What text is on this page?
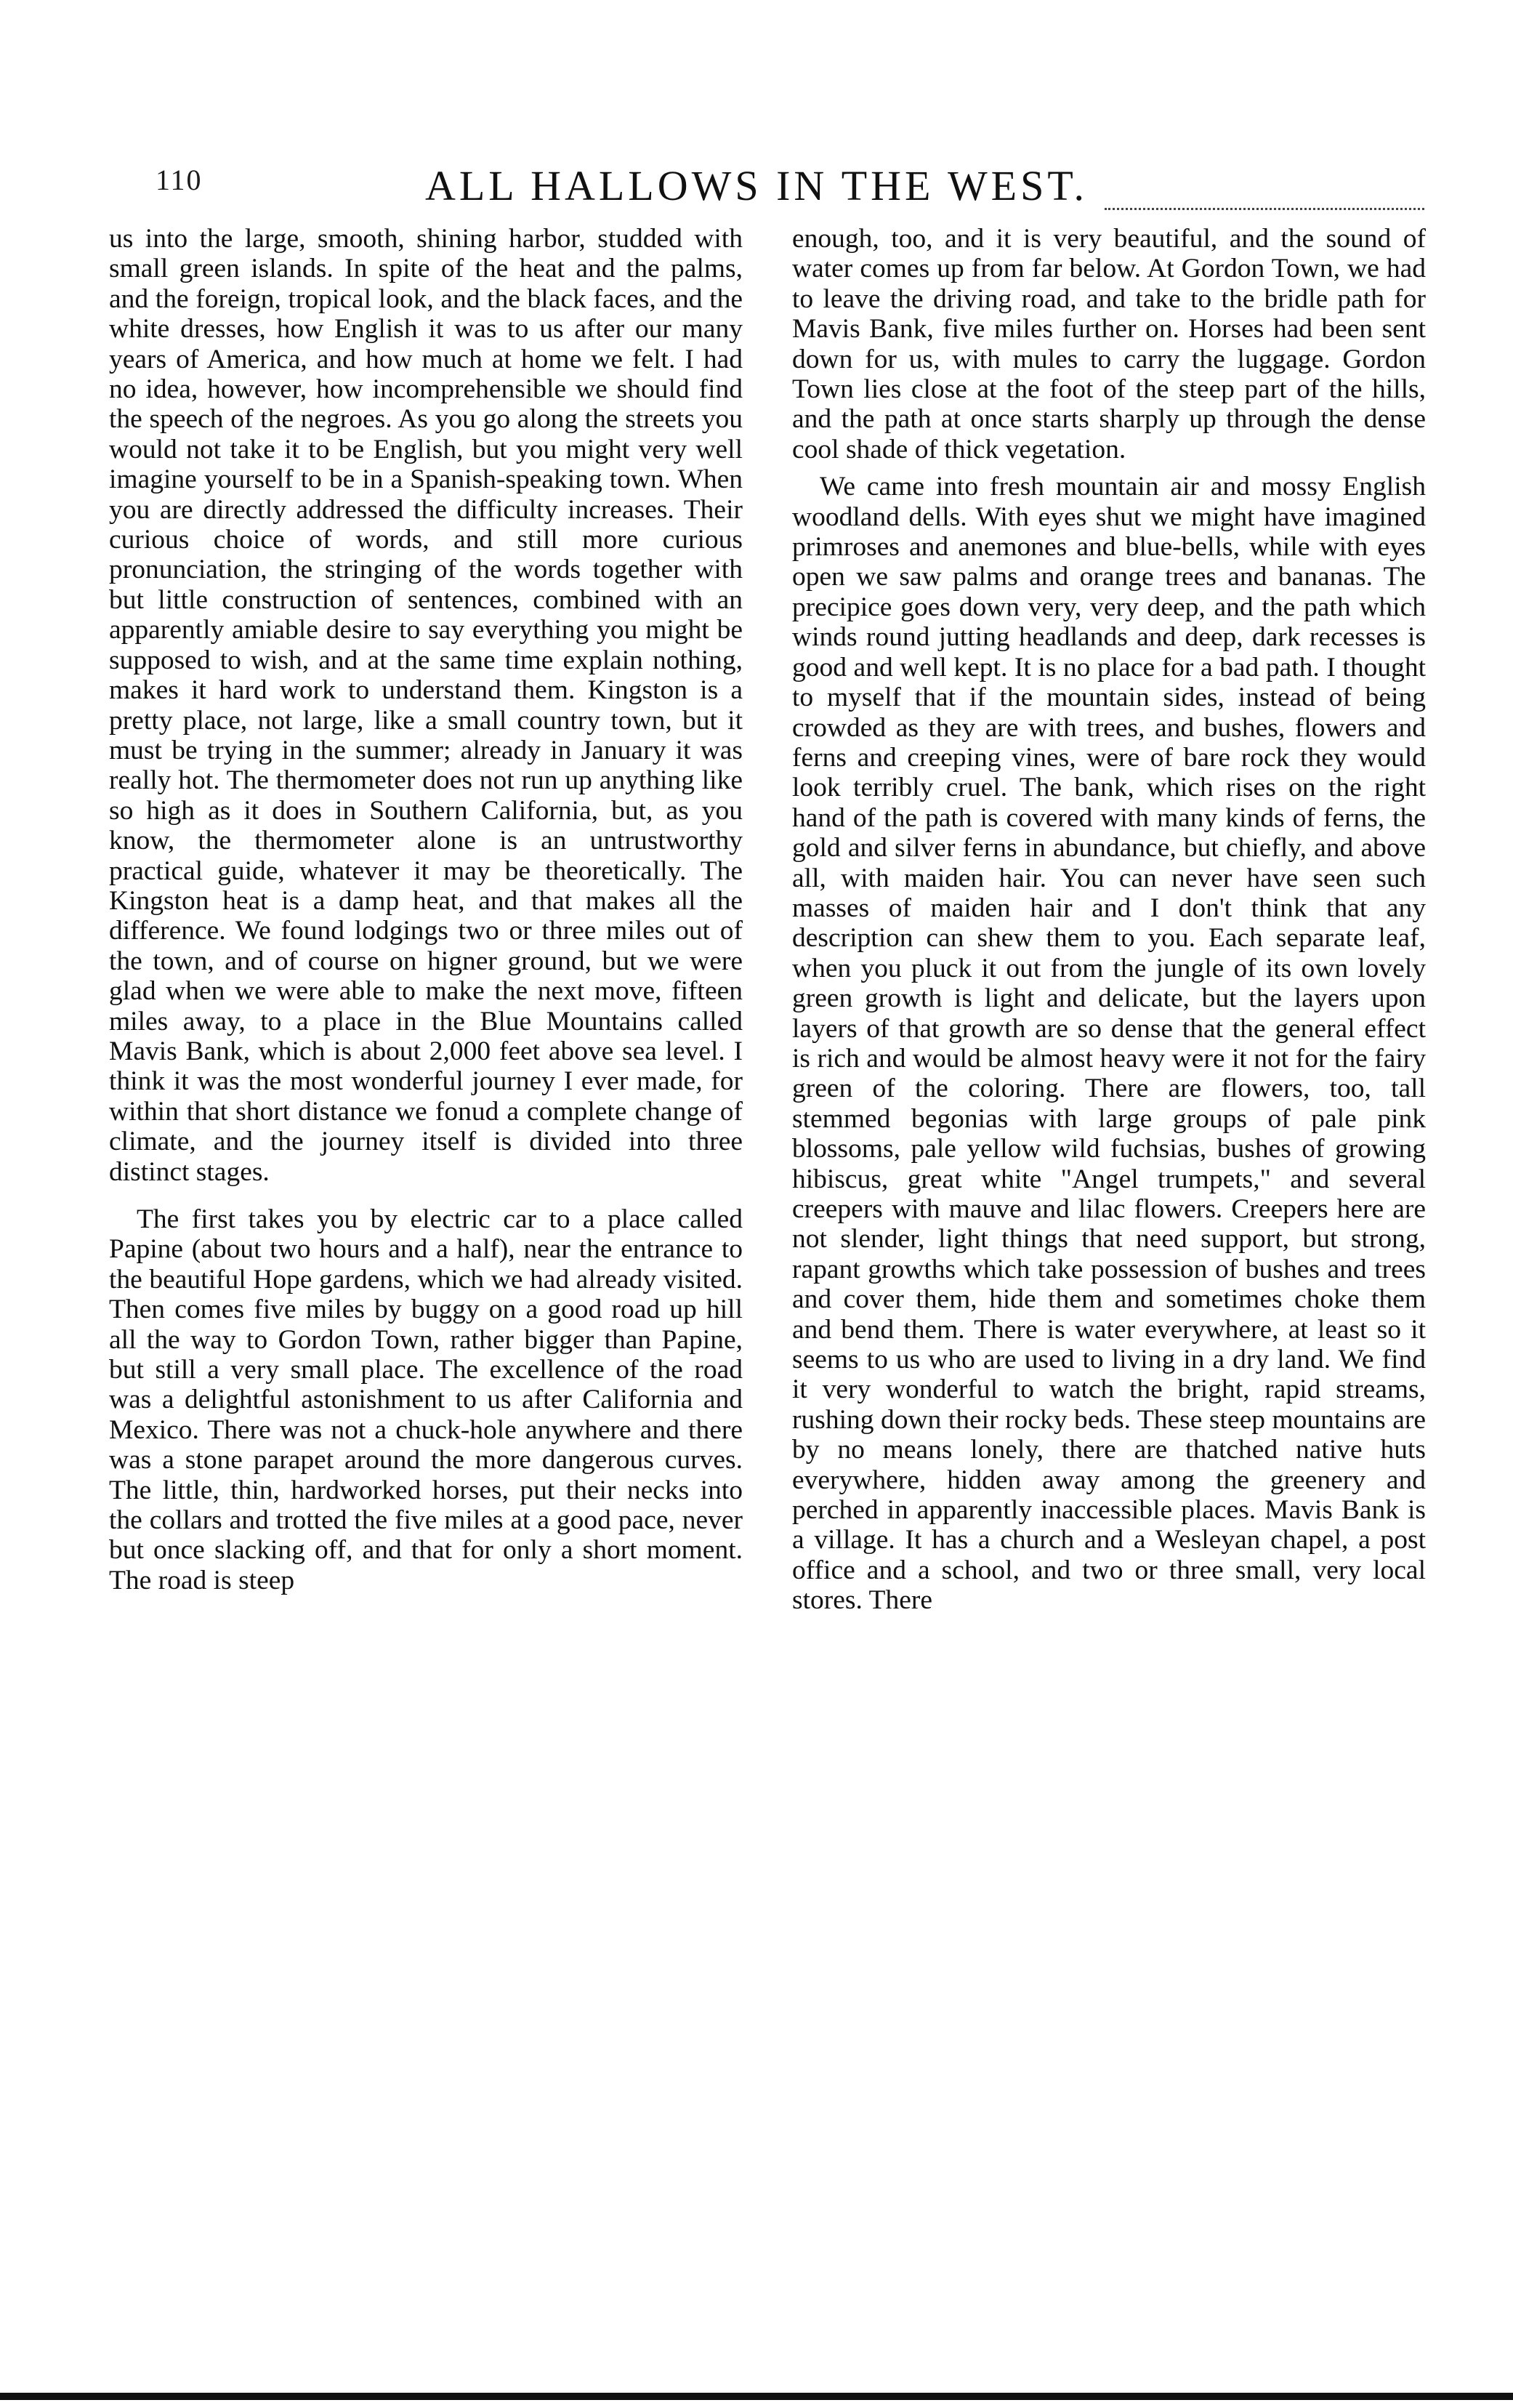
110	ALL HALLOWS IN THE WEST.

us into the large, smooth, shining harbor, studded with small green islands. In spite of the heat and the palms, and the foreign, tropical look, and the black faces, and the white dresses, how English it was to us after our many years of America, and how much at home we felt. I had no idea, however, how incomprehensible we should find the speech of the negroes. As you go along the streets you would not take it to be English, but you might very well imagine yourself to be in a Spanish-speaking town. When you are directly addressed the difficulty increases. Their curious choice of words, and still more curious pronunciation, the stringing of the words together with but little construction of sentences, combined with an apparently amiable desire to say everything you might be supposed to wish, and at the same time explain nothing, makes it hard work to understand them. Kingston is a pretty place, not large, like a small country town, but it must be trying in the summer; already in January it was really hot. The thermometer does not run up anything like so high as it does in Southern California, but, as you know, the thermometer alone is an untrustworthy practical guide, whatever it may be theoretically. The Kingston heat is a damp heat, and that makes all the difference. We found lodgings two or three miles out of the town, and of course on higner ground, but we were glad when we were able to make the next move, fifteen miles away, to a place in the Blue Mountains called Mavis Bank, which is about 2,000 feet above sea level. I think it was the most wonderful journey I ever made, for within that short distance we fonud a complete change of climate, and the journey itself is divided into three distinct stages.

The first takes you by electric car to a place called Papine (about two hours and a half), near the entrance to the beautiful Hope gardens, which we had already visited. Then comes five miles by buggy on a good road up hill all the way to Gordon Town, rather bigger than Papine, but still a very small place. The excellence of the road was a delightful astonishment to us after California and Mexico. There was not a chuck-hole anywhere and there was a stone parapet around the more dangerous curves. The little, thin, hardworked horses, put their necks into the collars and trotted the five miles at a good pace, never but once slacking off, and that for only a short moment. The road is steep

enough, too, and it is very beautiful, and the sound of water comes up from far below. At Gordon Town, we had to leave the driving road, and take to the bridle path for Mavis Bank, five miles further on. Horses had been sent down for us, with mules to carry the luggage. Gordon Town lies close at the foot of the steep part of the hills, and the path at once starts sharply up through the dense cool shade of thick vegetation.

We came into fresh mountain air and mossy English woodland dells. With eyes shut we might have imagined primroses and anemones and blue-bells, while with eyes open we saw palms and orange trees and bananas. The precipice goes down very, very deep, and the path which winds round jutting headlands and deep, dark recesses is good and well kept. It is no place for a bad path. I thought to myself that if the mountain sides, instead of being crowded as they are with trees, and bushes, flowers and ferns and creeping vines, were of bare rock they would look terribly cruel. The bank, which rises on the right hand of the path is covered with many kinds of ferns, the gold and silver ferns in abundance, but chiefly, and above all, with maiden hair. You can never have seen such masses of maiden hair and I don't think that any description can shew them to you. Each separate leaf, when you pluck it out from the jungle of its own lovely green growth is light and delicate, but the layers upon layers of that growth are so dense that the general effect is rich and would be almost heavy were it not for the fairy green of the coloring. There are flowers, too, tall stemmed begonias with large groups of pale pink blossoms, pale yellow wild fuchsias, bushes of growing hibiscus, great white "Angel trumpets," and several creepers with mauve and lilac flowers. Creepers here are not slender, light things that need support, but strong, rapant growths which take possession of bushes and trees and cover them, hide them and sometimes choke them and bend them. There is water everywhere, at least so it seems to us who are used to living in a dry land. We find it very wonderful to watch the bright, rapid streams, rushing down their rocky beds. These steep mountains are by no means lonely, there are thatched native huts everywhere, hidden away among the greenery and perched in apparently inaccessible places. Mavis Bank is a village. It has a church and a Wesleyan chapel, a post office and a school, and two or three small, very local stores. There
